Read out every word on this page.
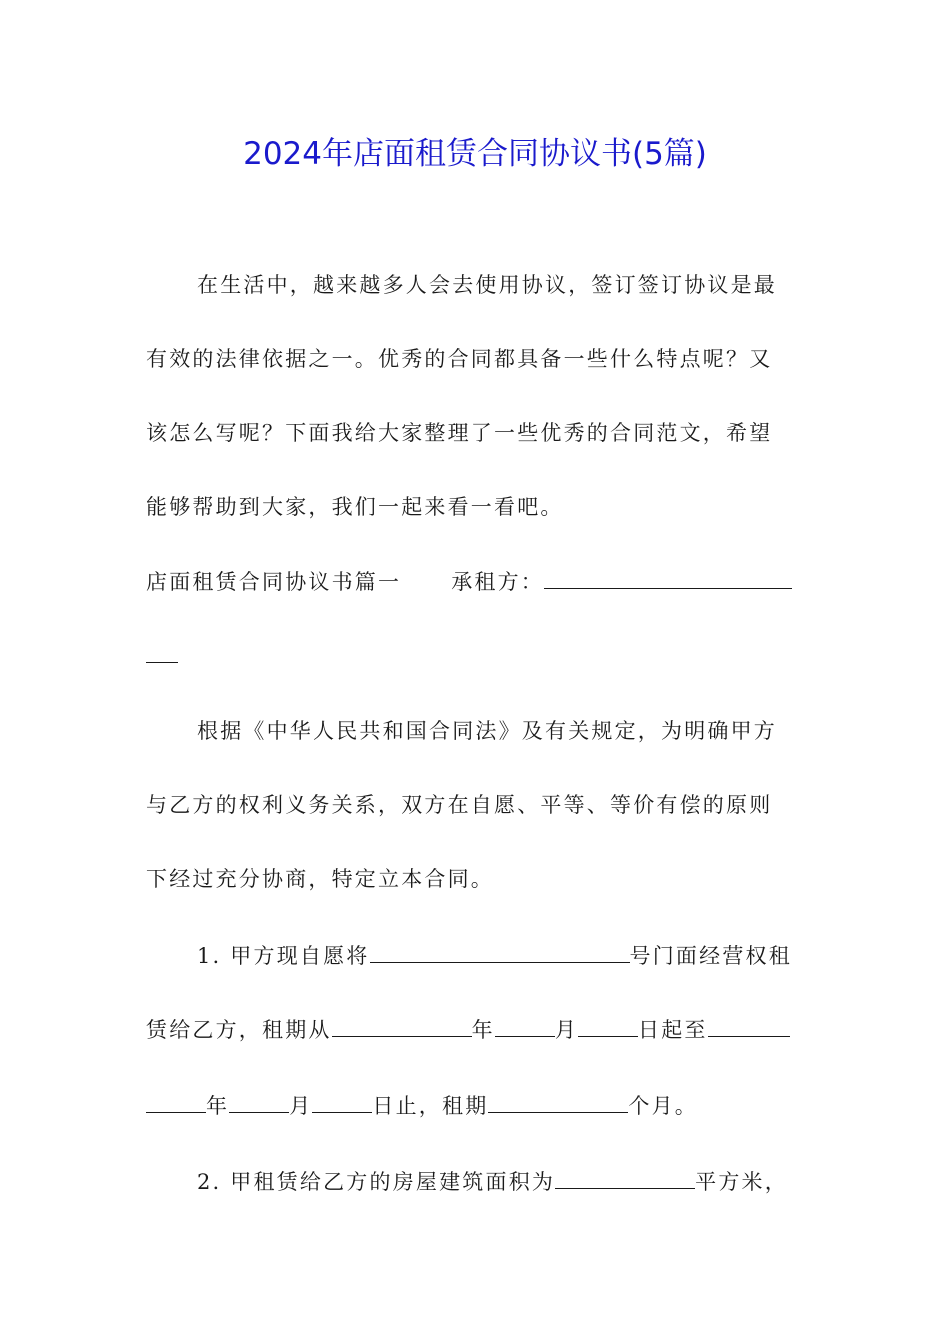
2024年店面租赁合同协议书(5篇)
在生活中，越来越多人会去使用协议，签订签订协议是最
有效的法律依据之一。优秀的合同都具备一些什么特点呢？又
该怎么写呢？下面我给大家整理了一些优秀的合同范文，希望
能够帮助到大家，我们一起来看一看吧。
店面租赁合同协议书篇一 承租方：
根据《中华人民共和国合同法》及有关规定，为明确甲方
与乙方的权利义务关系，双方在自愿、平等、等价有偿的原则
下经过充分协商，特定立本合同。
1. 甲方现自愿将	号门面经营权租
赁给乙方，租期从	年	月	日起至
年	月	日止，租期	个月。
2. 甲租赁给乙方的房屋建筑面积为	平方米，
